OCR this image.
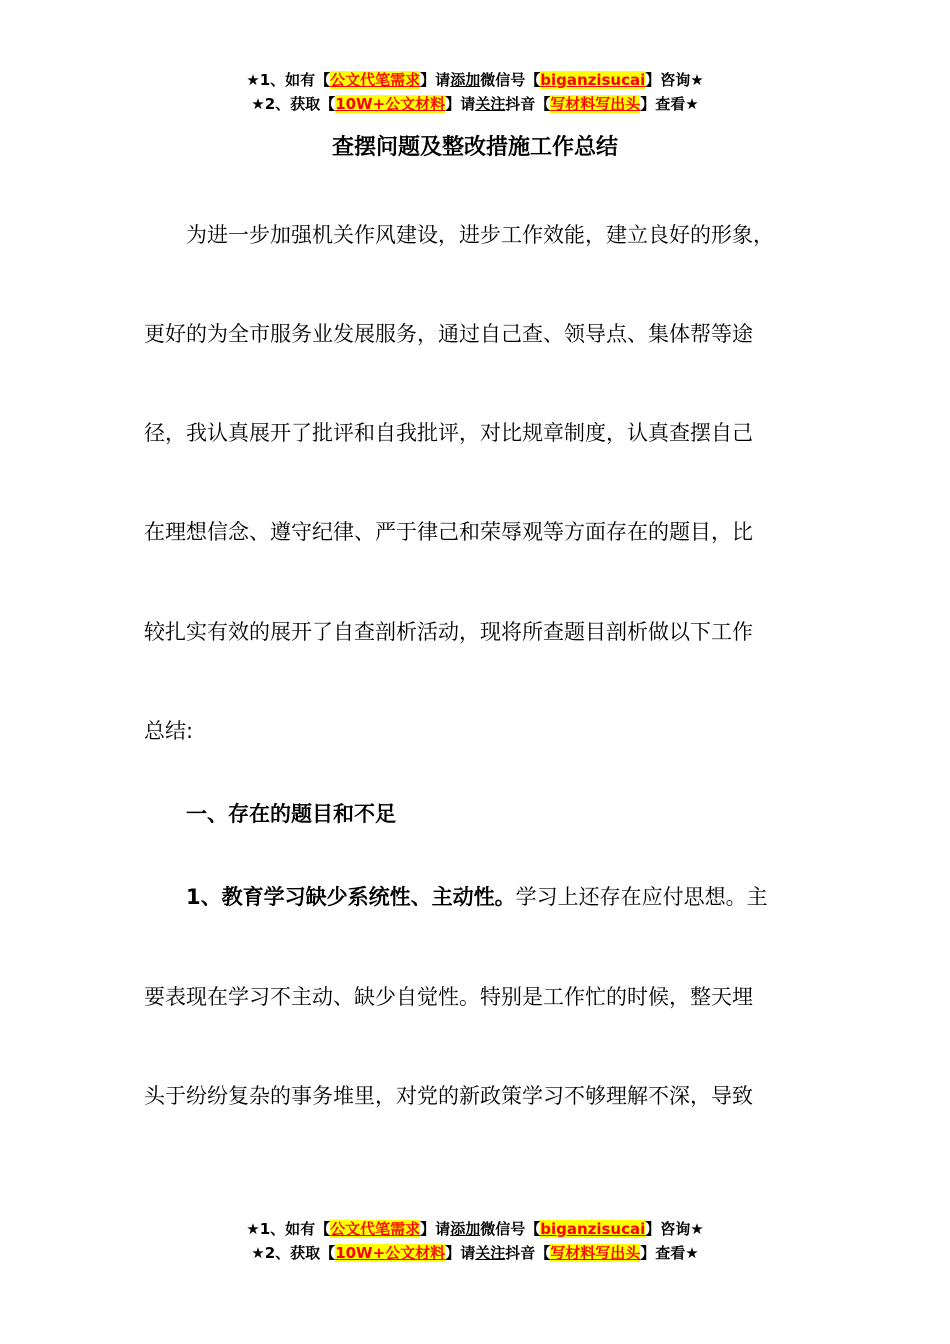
★1、如有【公文代笔需求】请添加微信号【biganzisucai】咨询★
★2、获取【10W+公文材料】请关注抖音【写材料写出头】查看★
查摆问题及整改措施工作总结
为进一步加强机关作风建设，进步工作效能，建立良好的形象，
更好的为全市服务业发展服务，通过自己查、领导点、集体帮等途
径，我认真展开了批评和自我批评，对比规章制度，认真查摆自己
在理想信念、遵守纪律、严于律己和荣辱观等方面存在的题目，比
较扎实有效的展开了自查剖析活动，现将所查题目剖析做以下工作
总结:
一、存在的题目和不足
1、教育学习缺少系统性、主动性。学习上还存在应付思想。主
要表现在学习不主动、缺少自觉性。特别是工作忙的时候，整天埋
头于纷纷复杂的事务堆里，对党的新政策学习不够理解不深，导致
★1、如有【公文代笔需求】请添加微信号【biganzisucai】咨询★
★2、获取【10W+公文材料】请关注抖音【写材料写出头】查看★
